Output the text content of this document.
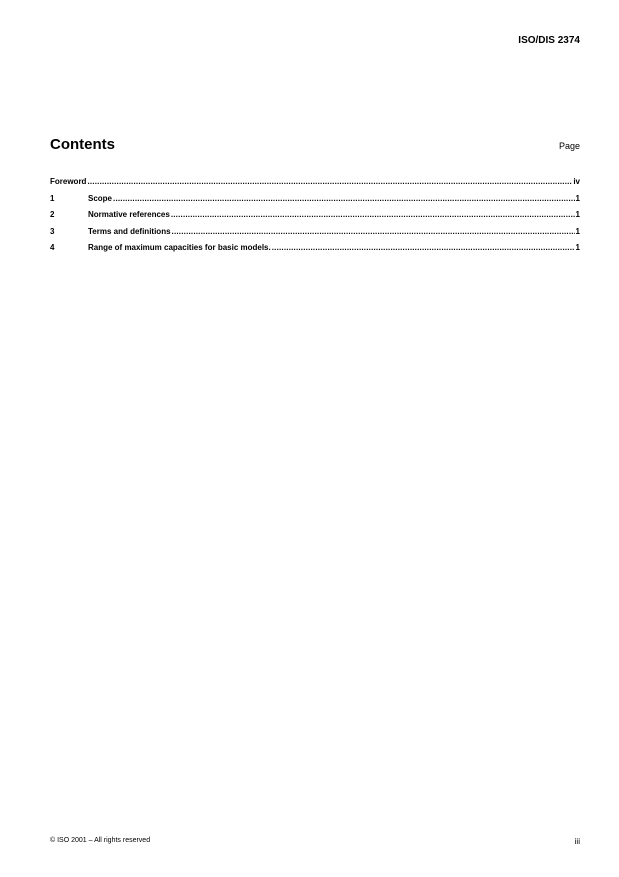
ISO/DIS 2374
Contents	Page
Foreword .....	iv
1	Scope .....	1
2	Normative references .....	1
3	Terms and definitions .....	1
4	Range of maximum capacities for basic models. .....	1
© ISO 2001 – All rights reserved	iii
